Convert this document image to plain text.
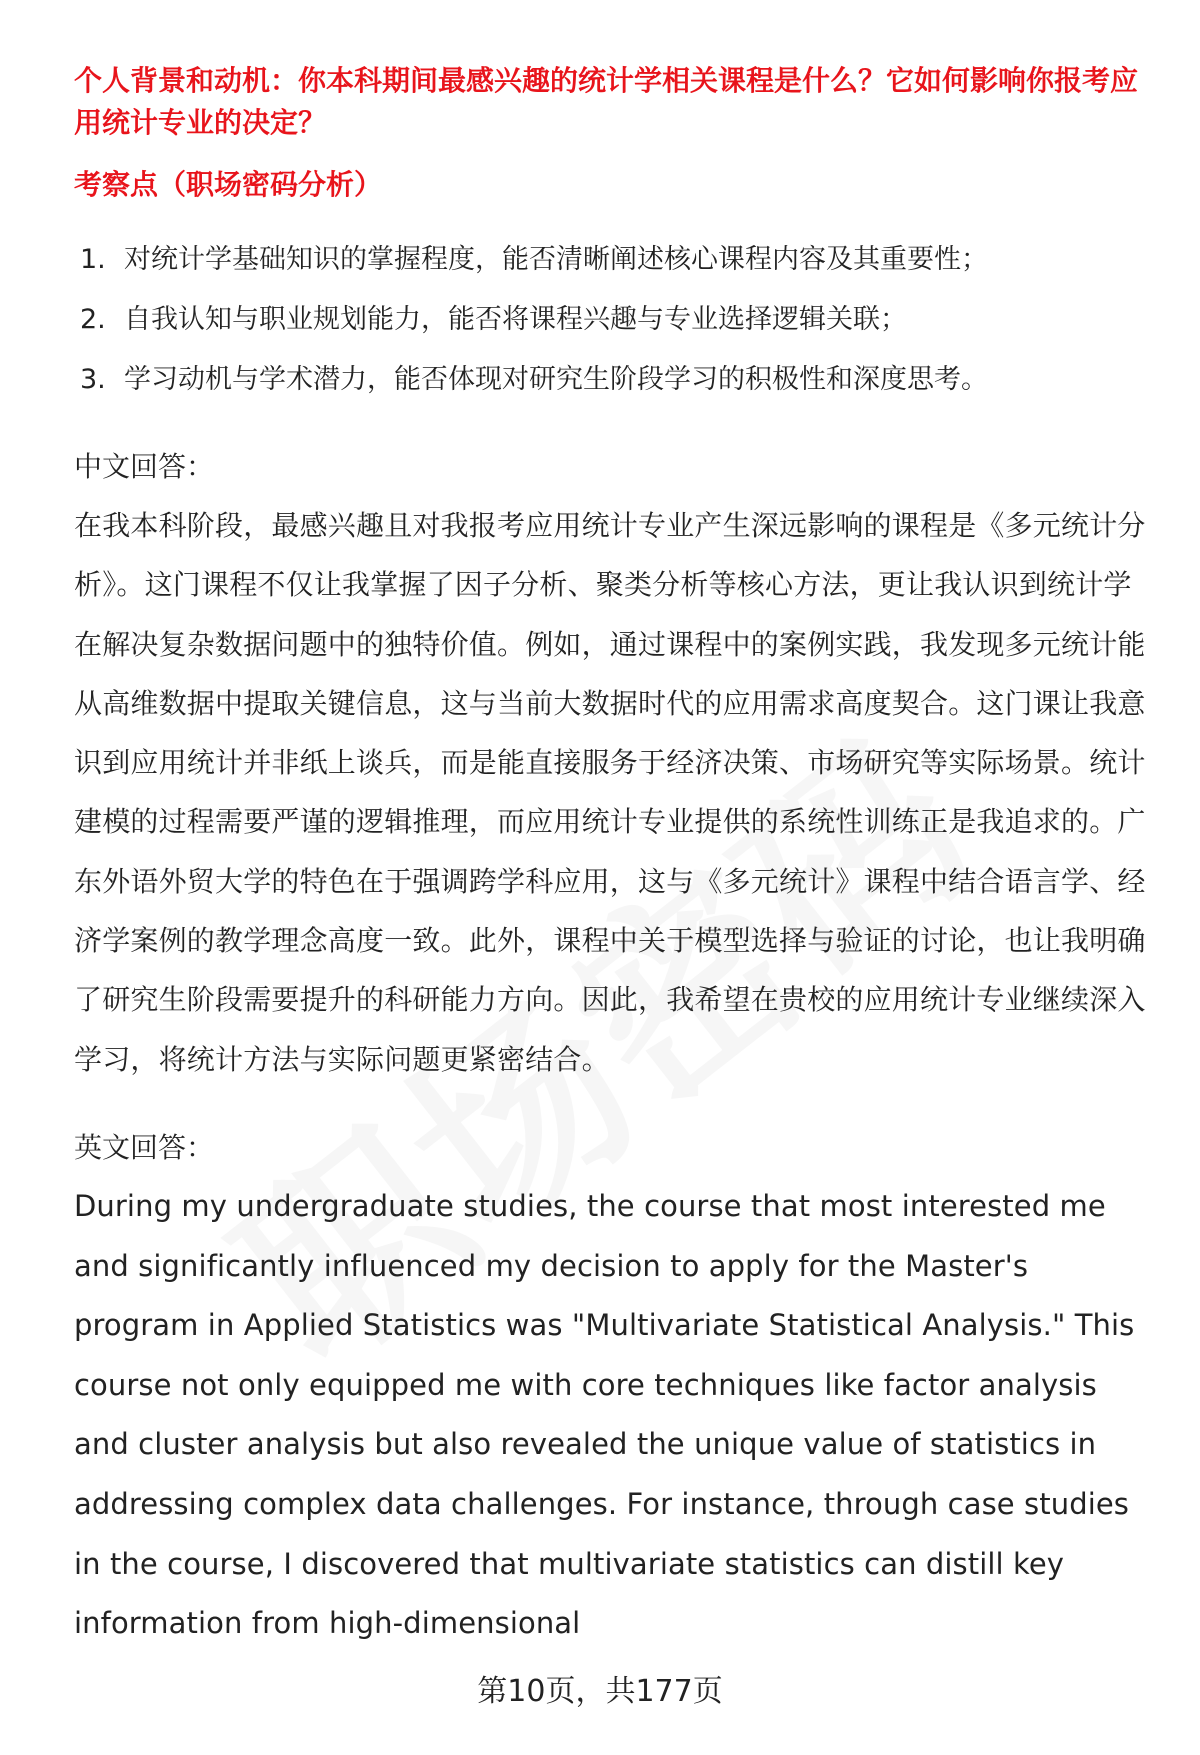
个人背景和动机：你本科期间最感兴趣的统计学相关课程是什么？它如何影响你报考应用统计专业的决定？

考察点（职场密码分析）

1. 对统计学基础知识的掌握程度，能否清晰阐述核心课程内容及其重要性；
2. 自我认知与职业规划能力，能否将课程兴趣与专业选择逻辑关联；
3. 学习动机与学术潜力，能否体现对研究生阶段学习的积极性和深度思考。

中文回答：

在我本科阶段，最感兴趣且对我报考应用统计专业产生深远影响的课程是《多元统计分析》。这门课程不仅让我掌握了因子分析、聚类分析等核心方法，更让我认识到统计学在解决复杂数据问题中的独特价值。例如，通过课程中的案例实践，我发现多元统计能从高维数据中提取关键信息，这与当前大数据时代的应用需求高度契合。这门课让我意识到应用统计并非纸上谈兵，而是能直接服务于经济决策、市场研究等实际场景。统计建模的过程需要严谨的逻辑推理，而应用统计专业提供的系统性训练正是我追求的。广东外语外贸大学的特色在于强调跨学科应用，这与《多元统计》课程中结合语言学、经济学案例的教学理念高度一致。此外，课程中关于模型选择与验证的讨论，也让我明确了研究生阶段需要提升的科研能力方向。因此，我希望在贵校的应用统计专业继续深入学习，将统计方法与实际问题更紧密结合。

英文回答：

During my undergraduate studies, the course that most interested me and significantly influenced my decision to apply for the Master's program in Applied Statistics was "Multivariate Statistical Analysis." This course not only equipped me with core techniques like factor analysis and cluster analysis but also revealed the unique value of statistics in addressing complex data challenges. For instance, through case studies in the course, I discovered that multivariate statistics can distill key information from high-dimensional

第10页，共177页
